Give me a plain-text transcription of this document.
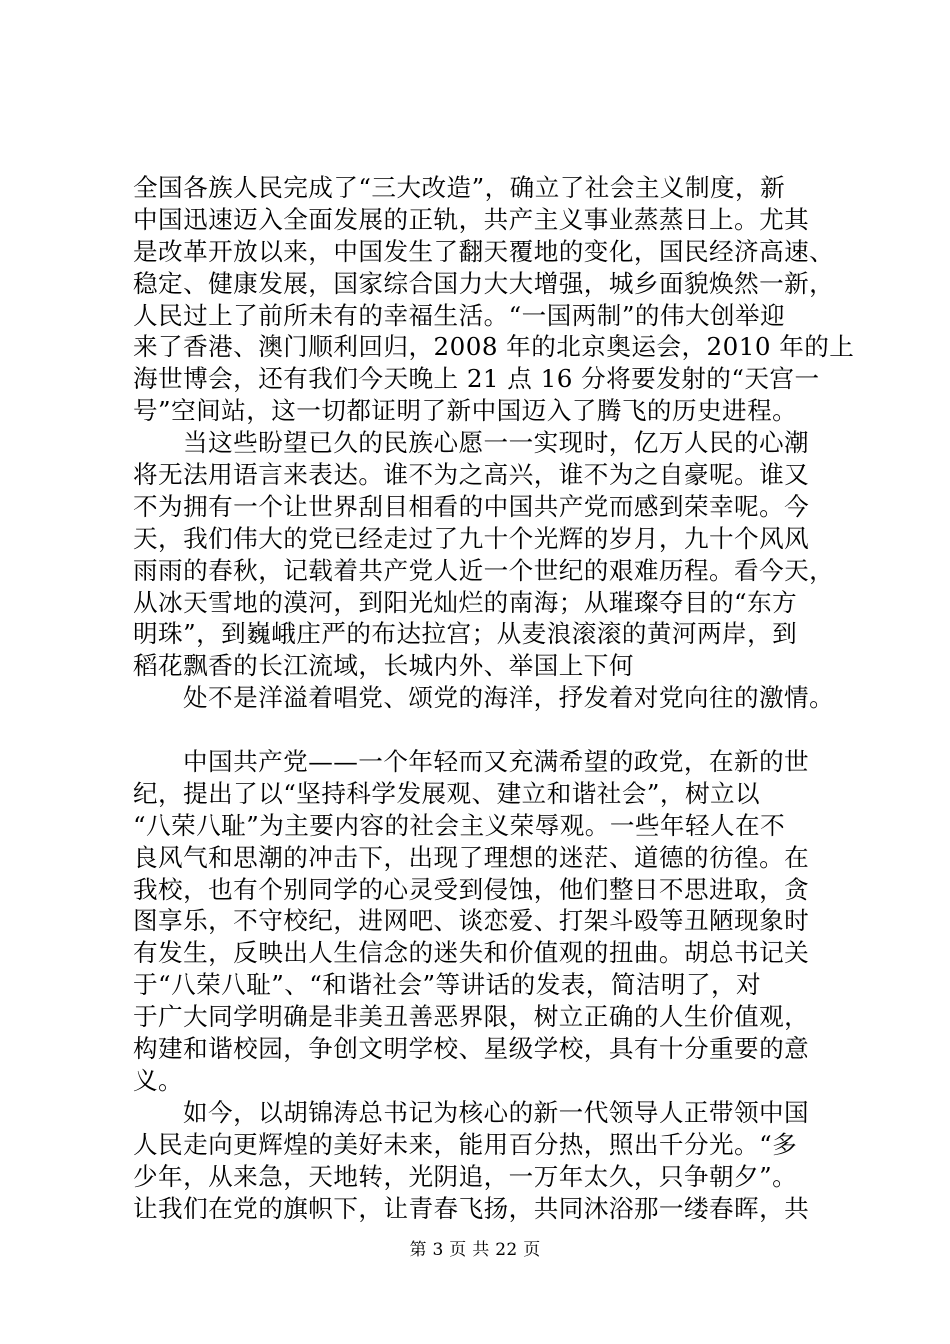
全国各族人民完成了“三大改造”，确立了社会主义制度，新
中国迅速迈入全面发展的正轨，共产主义事业蒸蒸日上。尤其
是改革开放以来，中国发生了翻天覆地的变化，国民经济高速、
稳定、健康发展，国家综合国力大大增强，城乡面貌焕然一新，
人民过上了前所未有的幸福生活。“一国两制”的伟大创举迎
来了香港、澳门顺利回归，2008 年的北京奥运会，2010 年的上
海世博会，还有我们今天晚上 21 点 16 分将要发射的“天宫一
号”空间站，这一切都证明了新中国迈入了腾飞的历史进程。
当这些盼望已久的民族心愿一一实现时，亿万人民的心潮
将无法用语言来表达。谁不为之高兴，谁不为之自豪呢。谁又
不为拥有一个让世界刮目相看的中国共产党而感到荣幸呢。今
天，我们伟大的党已经走过了九十个光辉的岁月，九十个风风
雨雨的春秋，记载着共产党人近一个世纪的艰难历程。看今天，
从冰天雪地的漠河，到阳光灿烂的南海；从璀璨夺目的“东方
明珠”，到巍峨庄严的布达拉宫；从麦浪滚滚的黄河两岸，到
稻花飘香的长江流域，长城内外、举国上下何
处不是洋溢着唱党、颂党的海洋，抒发着对党向往的激情。
中国共产党——一个年轻而又充满希望的政党，在新的世
纪，提出了以“坚持科学发展观、建立和谐社会”，树立以
“八荣八耻”为主要内容的社会主义荣辱观。一些年轻人在不
良风气和思潮的冲击下，出现了理想的迷茫、道德的彷徨。在
我校，也有个别同学的心灵受到侵蚀，他们整日不思进取，贪
图享乐，不守校纪，进网吧、谈恋爱、打架斗殴等丑陋现象时
有发生，反映出人生信念的迷失和价值观的扭曲。胡总书记关
于“八荣八耻”、“和谐社会”等讲话的发表，简洁明了，对
于广大同学明确是非美丑善恶界限，树立正确的人生价值观，
构建和谐校园，争创文明学校、星级学校，具有十分重要的意
义。
如今，以胡锦涛总书记为核心的新一代领导人正带领中国
人民走向更辉煌的美好未来，能用百分热，照出千分光。“多
少年，从来急，天地转，光阴追，一万年太久，只争朝夕”。
让我们在党的旗帜下，让青春飞扬，共同沐浴那一缕春晖，共
第 3 页 共 22 页
